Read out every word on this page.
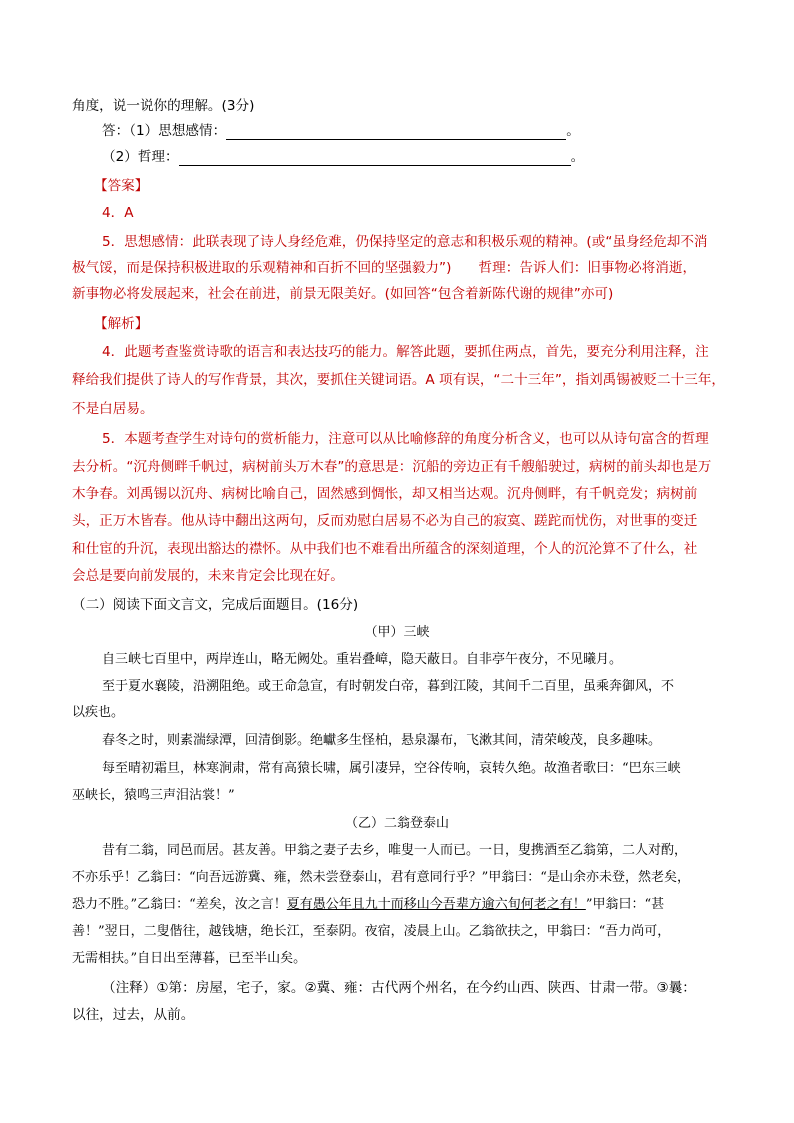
角度，说一说你的理解。(3分)
答：（1）思想感情：	。
（2）哲理：	。
【答案】
4．A
5．思想感情：此联表现了诗人身经危难，仍保持坚定的意志和积极乐观的精神。(或“虽身经危却不消
极气馁，而是保持积极进取的乐观精神和百折不回的坚强毅力”)　　哲理：告诉人们：旧事物必将消逝，
新事物必将发展起来，社会在前进，前景无限美好。(如回答“包含着新陈代谢的规律”亦可)
【解析】
4．此题考查鉴赏诗歌的语言和表达技巧的能力。解答此题，要抓住两点，首先，要充分利用注释，注
释给我们提供了诗人的写作背景，其次，要抓住关键词语。A 项有误，“二十三年”，指刘禹锡被贬二十三年，
不是白居易。
5．本题考查学生对诗句的赏析能力，注意可以从比喻修辞的角度分析含义，也可以从诗句富含的哲理
去分析。“沉舟侧畔千帆过，病树前头万木春”的意思是：沉船的旁边正有千艘船驶过，病树的前头却也是万
木争春。刘禹锡以沉舟、病树比喻自己，固然感到惆怅，却又相当达观。沉舟侧畔，有千帆竞发；病树前
头，正万木皆春。他从诗中翻出这两句，反而劝慰白居易不必为自己的寂寞、蹉跎而忧伤，对世事的变迁
和仕宦的升沉，表现出豁达的襟怀。从中我们也不难看出所蕴含的深刻道理，个人的沉沦算不了什么，社
会总是要向前发展的，未来肯定会比现在好。
（二）阅读下面文言文，完成后面题目。(16分)
（甲）三峡
自三峡七百里中，两岸连山，略无阙处。重岩叠嶂，隐天蔽日。自非亭午夜分，不见曦月。
至于夏水襄陵，沿溯阻绝。或王命急宣，有时朝发白帝，暮到江陵，其间千二百里，虽乘奔御风，不
以疾也。
春冬之时，则素湍绿潭，回清倒影。绝巘多生怪柏，悬泉瀑布，飞漱其间，清荣峻茂，良多趣味。
每至晴初霜旦，林寒涧肃，常有高猿长啸，属引凄异，空谷传响，哀转久绝。故渔者歌曰：“巴东三峡
巫峡长，猿鸣三声泪沾裳！”
（乙）二翁登泰山
昔有二翁，同邑而居。甚友善。甲翁之妻子去乡，唯叟一人而已。一日，叟携酒至乙翁第，二人对酌，
不亦乐乎！乙翁曰：“向吾远游冀、雍，然未尝登泰山，君有意同行乎？”甲翁曰：“是山余亦未登，然老矣，
恐力不胜。”乙翁曰：“差矣，汝之言！夏有愚公年且九十而移山今吾辈方逾六旬何老之有！”甲翁曰：“甚
善！”翌日，二叟偕往，越钱塘，绝长江，至泰阴。夜宿，凌晨上山。乙翁欲扶之，甲翁曰：“吾力尚可，
无需相扶。”自日出至薄暮，已至半山矣。
（注释）①第：房屋，宅子，家。②冀、雍：古代两个州名，在今约山西、陕西、甘肃一带。③曩：
以往，过去，从前。
